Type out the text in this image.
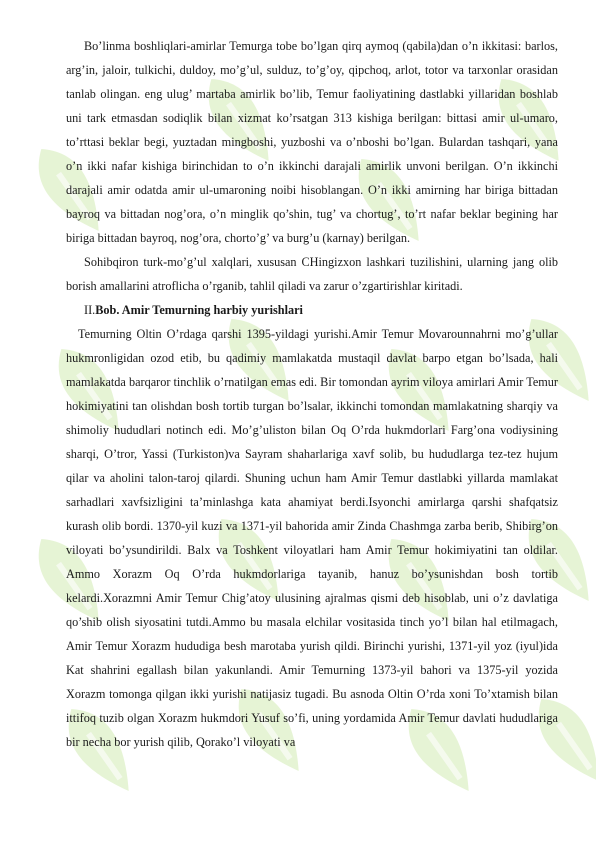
Bo’linma boshliqlari-amirlar Temurga tobe bo’lgan qirq aymoq (qabila)dan o’n ikkitasi: barlos, arg’in, jaloir, tulkichi, duldoy, mo’g’ul, sulduz, to’g’oy, qipchoq, arlot, totor va tarxonlar orasidan tanlab olingan. eng ulug’ martaba amirlik bo’lib, Temur faoliyatining dastlabki yillaridan boshlab uni tark etmasdan sodiqlik bilan xizmat ko’rsatgan 313 kishiga berilgan: bittasi amir ul-umaro, to’rttasi beklar begi, yuztadan mingboshi, yuzboshi va o’nboshi bo’lgan. Bulardan tashqari, yana o’n ikki nafar kishiga birinchidan to o’n ikkinchi darajali amirlik unvoni berilgan. O’n ikkinchi darajali amir odatda amir ul-umaroning noibi hisoblangan. O’n ikki amirning har biriga bittadan bayroq va bittadan nog’ora, o’n minglik qo’shin, tug’ va chortug’, to’rt nafar beklar begining har biriga bittadan bayroq, nog’ora, chorto’g’ va burg’u (karnay) berilgan.

Sohibqiron turk-mo’g’ul xalqlari, xususan CHingizxon lashkari tuzilishini, ularning jang olib borish amallarini atroflicha o’rganib, tahlil qiladi va zarur o’zgartirishlar kiritadi.

II.Bob. Amir Temurning harbiy yurishlari

Temurning Oltin O’rdaga qarshi 1395-yildagi yurishi.Amir Temur Movarounnahrni mo’g’ullar hukmronligidan ozod etib, bu qadimiy mamlakatda mustaqil davlat barpo etgan bo’lsada, hali mamlakatda barqaror tinchlik o’rnatilgan emas edi. Bir tomondan ayrim viloya amirlari Amir Temur hokimiyatini tan olishdan bosh tortib turgan bo’lsalar, ikkinchi tomondan mamlakatning sharqiy va shimoliy hududlari notinch edi. Mo’g’uliston bilan Oq O’rda hukmdorlari Farg’ona vodiysining sharqi, O’tror, Yassi (Turkiston)va Sayram shaharlariga xavf solib, bu hududlarga tez-tez hujum qilar va aholini talon-taroj qilardi. Shuning uchun ham Amir Temur dastlabki yillarda mamlakat sarhadlari xavfsizligini ta’minlashga kata ahamiyat berdi.Isyonchi amirlarga qarshi shafqatsiz kurash olib bordi. 1370-yil kuzi va 1371-yil bahorida amir Zinda Chashmga zarba berib, Shibirg’on viloyati bo’ysundirildi. Balx va Toshkent viloyatlari ham Amir Temur hokimiyatini tan oldilar. Ammo Xorazm Oq O’rda hukmdorlariga tayanib, hanuz bo’ysunishdan bosh tortib kelardi.Xorazmni Amir Temur Chig’atoy ulusining ajralmas qismi deb hisoblab, uni o’z davlatiga qo’shib olish siyosatini tutdi.Ammo bu masala elchilar vositasida tinch yo’l bilan hal etilmagach, Amir Temur Xorazm hududiga besh marotaba yurish qildi. Birinchi yurishi, 1371-yil yoz (iyul)ida Kat shahrini egallash bilan yakunlandi. Amir Temurning 1373-yil bahori va 1375-yil yozida Xorazm tomonga qilgan ikki yurishi natijasiz tugadi. Bu asnoda Oltin O’rda xoni To’xtamish bilan ittifoq tuzib olgan Xorazm hukmdori Yusuf so’fi, uning yordamida Amir Temur davlati hududlariga bir necha bor yurish qilib, Qorako’l viloyati va
